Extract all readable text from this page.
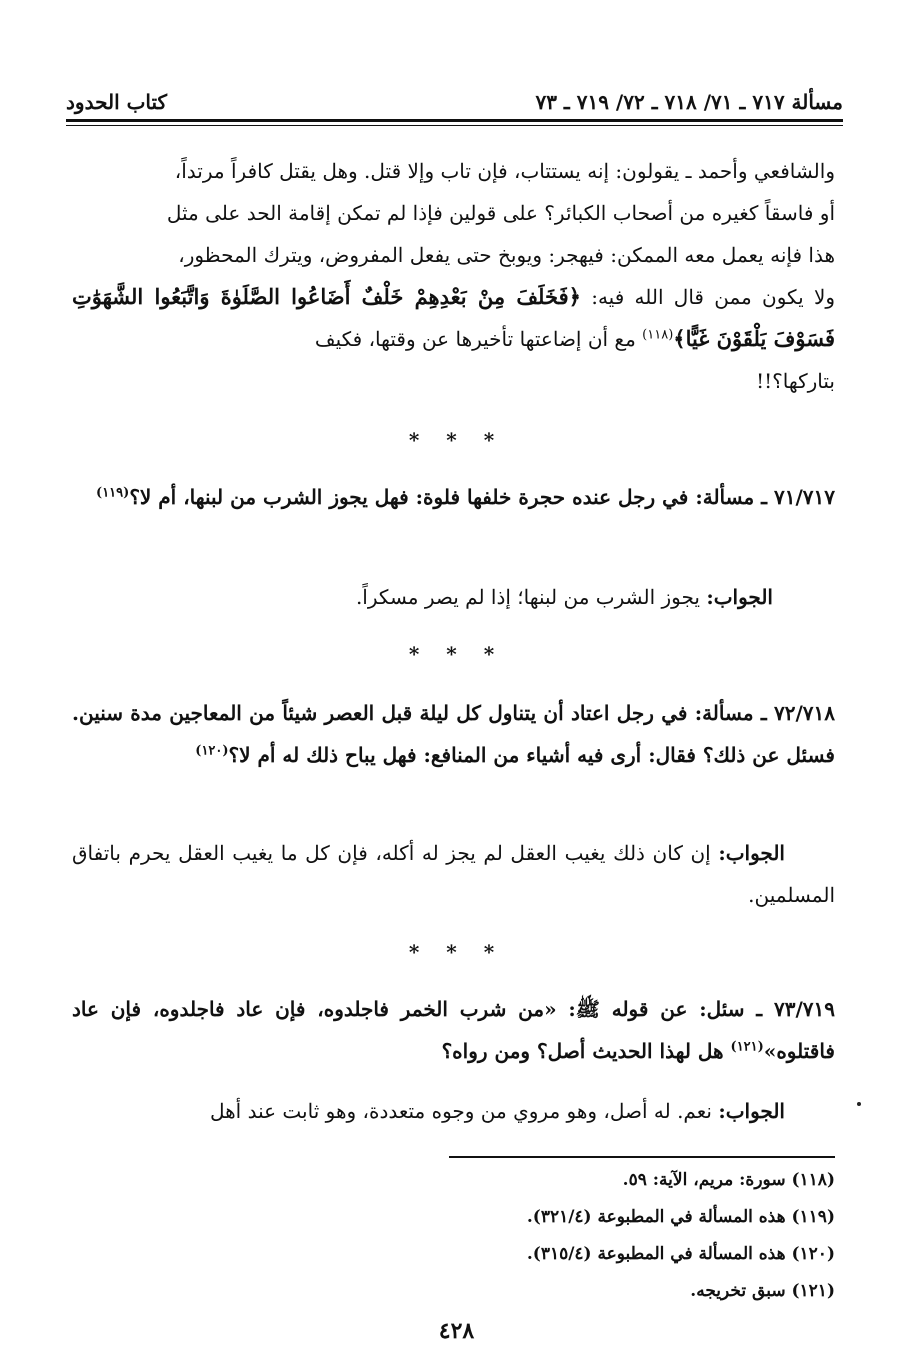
مسألة ٧١٧ ـ ٧١/ ٧١٨ ـ ٧٢/ ٧١٩ ـ ٧٣
كتاب الحدود

والشافعي وأحمد ـ يقولون: إنه يستتاب، فإن تاب وإلا قتل. وهل يقتل كافراً مرتداً،

أو فاسقاً كغيره من أصحاب الكبائر؟ على قولين فإذا لم تمكن إقامة الحد على مثل

هذا فإنه يعمل معه الممكن: فيهجر: ويوبخ حتى يفعل المفروض، ويترك المحظور،

ولا يكون ممن قال الله فيه: ﴿فَخَلَفَ مِنْ بَعْدِهِمْ خَلْفٌ أَضَاعُوا الصَّلَوٰةَ وَاتَّبَعُوا الشَّهَوَٰتِ فَسَوْفَ يَلْقَوْنَ غَيًّا﴾$^{(١١٨)}$ مع أن إضاعتها تأخيرها عن وقتها، فكيف

بتاركها؟!!

* * *

٧١/٧١٧ ـ مسألة: في رجل عنده حجرة خلفها فلوة: فهل يجوز الشرب من لبنها، أم لا؟$^{(١١٩)}$

الجواب: يجوز الشرب من لبنها؛ إذا لم يصر مسكراً.

* * *

٧٢/٧١٨ ـ مسألة: في رجل اعتاد أن يتناول كل ليلة قبل العصر شيئاً من المعاجين مدة سنين. فسئل عن ذلك؟ فقال: أرى فيه أشياء من المنافع: فهل يباح ذلك له أم لا؟$^{(١٢٠)}$

الجواب: إن كان ذلك يغيب العقل لم يجز له أكله، فإن كل ما يغيب العقل يحرم باتفاق المسلمين.

* * *

٧٣/٧١٩ ـ سئل: عن قوله ﷺ: «من شرب الخمر فاجلدوه، فإن عاد فاجلدوه، فإن عاد فاقتلوه»$^{(١٢١)}$ هل لهذا الحديث أصل؟ ومن رواه؟

الجواب: نعم. له أصل، وهو مروي من وجوه متعددة، وهو ثابت عند أهل

(١١٨) سورة: مريم، الآية: ٥٩.
(١١٩) هذه المسألة في المطبوعة (٣٢١/٤).
(١٢٠) هذه المسألة في المطبوعة (٣١٥/٤).
(١٢١) سبق تخريجه.
٤٢٨
